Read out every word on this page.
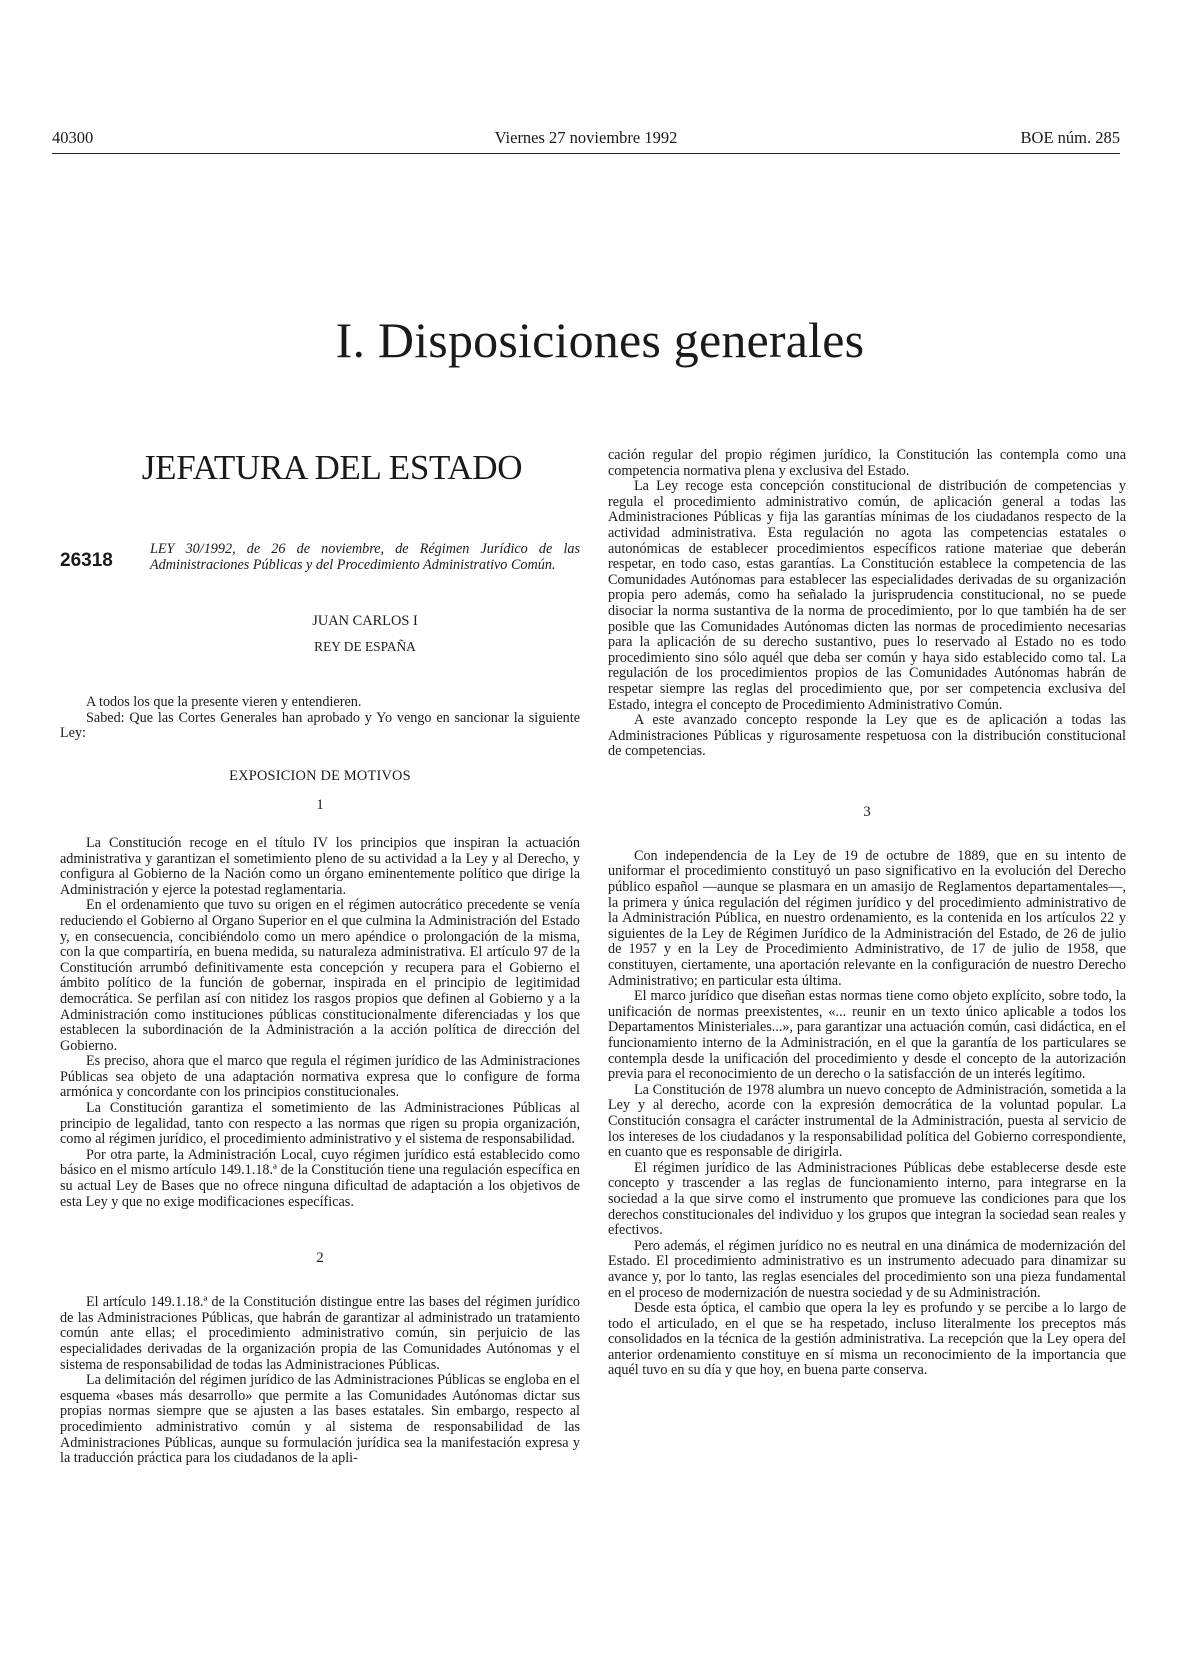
40300	Viernes 27 noviembre 1992	BOE núm. 285
I. Disposiciones generales
JEFATURA DEL ESTADO
26318
LEY 30/1992, de 26 de noviembre, de Régimen Jurídico de las Administraciones Públicas y del Procedimiento Administrativo Común.
JUAN CARLOS I
REY DE ESPAÑA

A todos los que la presente vieren y entendieren.

Sabed: Que las Cortes Generales han aprobado y Yo vengo en sancionar la siguiente Ley:

EXPOSICION DE MOTIVOS
1

La Constitución recoge en el título IV los principios que inspiran la actuación administrativa y garantizan el sometimiento pleno de su actividad a la Ley y al Derecho, y configura al Gobierno de la Nación como un órgano eminentemente político que dirige la Administración y ejerce la potestad reglamentaria.

En el ordenamiento que tuvo su origen en el régimen autocrático precedente se venía reduciendo el Gobierno al Organo Superior en el que culmina la Administración del Estado y, en consecuencia, concibiéndolo como un mero apéndice o prolongación de la misma, con la que compartiría, en buena medida, su naturaleza administrativa. El artículo 97 de la Constitución arrumbó definitivamente esta concepción y recupera para el Gobierno el ámbito político de la función de gobernar, inspirada en el principio de legitimidad democrática. Se perfilan así con nitidez los rasgos propios que definen al Gobierno y a la Administración como instituciones públicas constitucionalmente diferenciadas y los que establecen la subordinación de la Administración a la acción política de dirección del Gobierno.

Es preciso, ahora que el marco que regula el régimen jurídico de las Administraciones Públicas sea objeto de una adaptación normativa expresa que lo configure de forma armónica y concordante con los principios constitucionales.

La Constitución garantiza el sometimiento de las Administraciones Públicas al principio de legalidad, tanto con respecto a las normas que rigen su propia organización, como al régimen jurídico, el procedimiento administrativo y el sistema de responsabilidad.

Por otra parte, la Administración Local, cuyo régimen jurídico está establecido como básico en el mismo artículo 149.1.18.ª de la Constitución tiene una regulación específica en su actual Ley de Bases que no ofrece ninguna dificultad de adaptación a los objetivos de esta Ley y que no exige modificaciones específicas.

2

El artículo 149.1.18.ª de la Constitución distingue entre las bases del régimen jurídico de las Administraciones Públicas, que habrán de garantizar al administrado un tratamiento común ante ellas; el procedimiento administrativo común, sin perjuicio de las especialidades derivadas de la organización propia de las Comunidades Autónomas y el sistema de responsabilidad de todas las Administraciones Públicas.

La delimitación del régimen jurídico de las Administraciones Públicas se engloba en el esquema «bases más desarrollo» que permite a las Comunidades Autónomas dictar sus propias normas siempre que se ajusten a las bases estatales. Sin embargo, respecto al procedimiento administrativo común y al sistema de responsabilidad de las Administraciones Públicas, aunque su formulación jurídica sea la manifestación expresa y la traducción práctica para los ciudadanos de la apli-

cación regular del propio régimen jurídico, la Constitución las contempla como una competencia normativa plena y exclusiva del Estado.

La Ley recoge esta concepción constitucional de distribución de competencias y regula el procedimiento administrativo común, de aplicación general a todas las Administraciones Públicas y fija las garantías mínimas de los ciudadanos respecto de la actividad administrativa. Esta regulación no agota las competencias estatales o autonómicas de establecer procedimientos específicos ratione materiae que deberán respetar, en todo caso, estas garantías. La Constitución establece la competencia de las Comunidades Autónomas para establecer las especialidades derivadas de su organización propia pero además, como ha señalado la jurisprudencia constitucional, no se puede disociar la norma sustantiva de la norma de procedimiento, por lo que también ha de ser posible que las Comunidades Autónomas dicten las normas de procedimiento necesarias para la aplicación de su derecho sustantivo, pues lo reservado al Estado no es todo procedimiento sino sólo aquél que deba ser común y haya sido establecido como tal. La regulación de los procedimientos propios de las Comunidades Autónomas habrán de respetar siempre las reglas del procedimiento que, por ser competencia exclusiva del Estado, integra el concepto de Procedimiento Administrativo Común.

A este avanzado concepto responde la Ley que es de aplicación a todas las Administraciones Públicas y rigurosamente respetuosa con la distribución constitucional de competencias.

3

Con independencia de la Ley de 19 de octubre de 1889, que en su intento de uniformar el procedimiento constituyó un paso significativo en la evolución del Derecho público español —aunque se plasmara en un amasijo de Reglamentos departamentales—, la primera y única regulación del régimen jurídico y del procedimiento administrativo de la Administración Pública, en nuestro ordenamiento, es la contenida en los artículos 22 y siguientes de la Ley de Régimen Jurídico de la Administración del Estado, de 26 de julio de 1957 y en la Ley de Procedimiento Administrativo, de 17 de julio de 1958, que constituyen, ciertamente, una aportación relevante en la configuración de nuestro Derecho Administrativo; en particular esta última.

El marco jurídico que diseñan estas normas tiene como objeto explícito, sobre todo, la unificación de normas preexistentes, «... reunir en un texto único aplicable a todos los Departamentos Ministeriales...», para garantizar una actuación común, casi didáctica, en el funcionamiento interno de la Administración, en el que la garantía de los particulares se contempla desde la unificación del procedimiento y desde el concepto de la autorización previa para el reconocimiento de un derecho o la satisfacción de un interés legítimo.

La Constitución de 1978 alumbra un nuevo concepto de Administración, sometida a la Ley y al derecho, acorde con la expresión democrática de la voluntad popular. La Constitución consagra el carácter instrumental de la Administración, puesta al servicio de los intereses de los ciudadanos y la responsabilidad política del Gobierno correspondiente, en cuanto que es responsable de dirigirla.

El régimen jurídico de las Administraciones Públicas debe establecerse desde este concepto y trascender a las reglas de funcionamiento interno, para integrarse en la sociedad a la que sirve como el instrumento que promueve las condiciones para que los derechos constitucionales del individuo y los grupos que integran la sociedad sean reales y efectivos.

Pero además, el régimen jurídico no es neutral en una dinámica de modernización del Estado. El procedimiento administrativo es un instrumento adecuado para dinamizar su avance y, por lo tanto, las reglas esenciales del procedimiento son una pieza fundamental en el proceso de modernización de nuestra sociedad y de su Administración.

Desde esta óptica, el cambio que opera la ley es profundo y se percibe a lo largo de todo el articulado, en el que se ha respetado, incluso literalmente los preceptos más consolidados en la técnica de la gestión administrativa. La recepción que la Ley opera del anterior ordenamiento constituye en sí misma un reconocimiento de la importancia que aquél tuvo en su día y que hoy, en buena parte conserva.
